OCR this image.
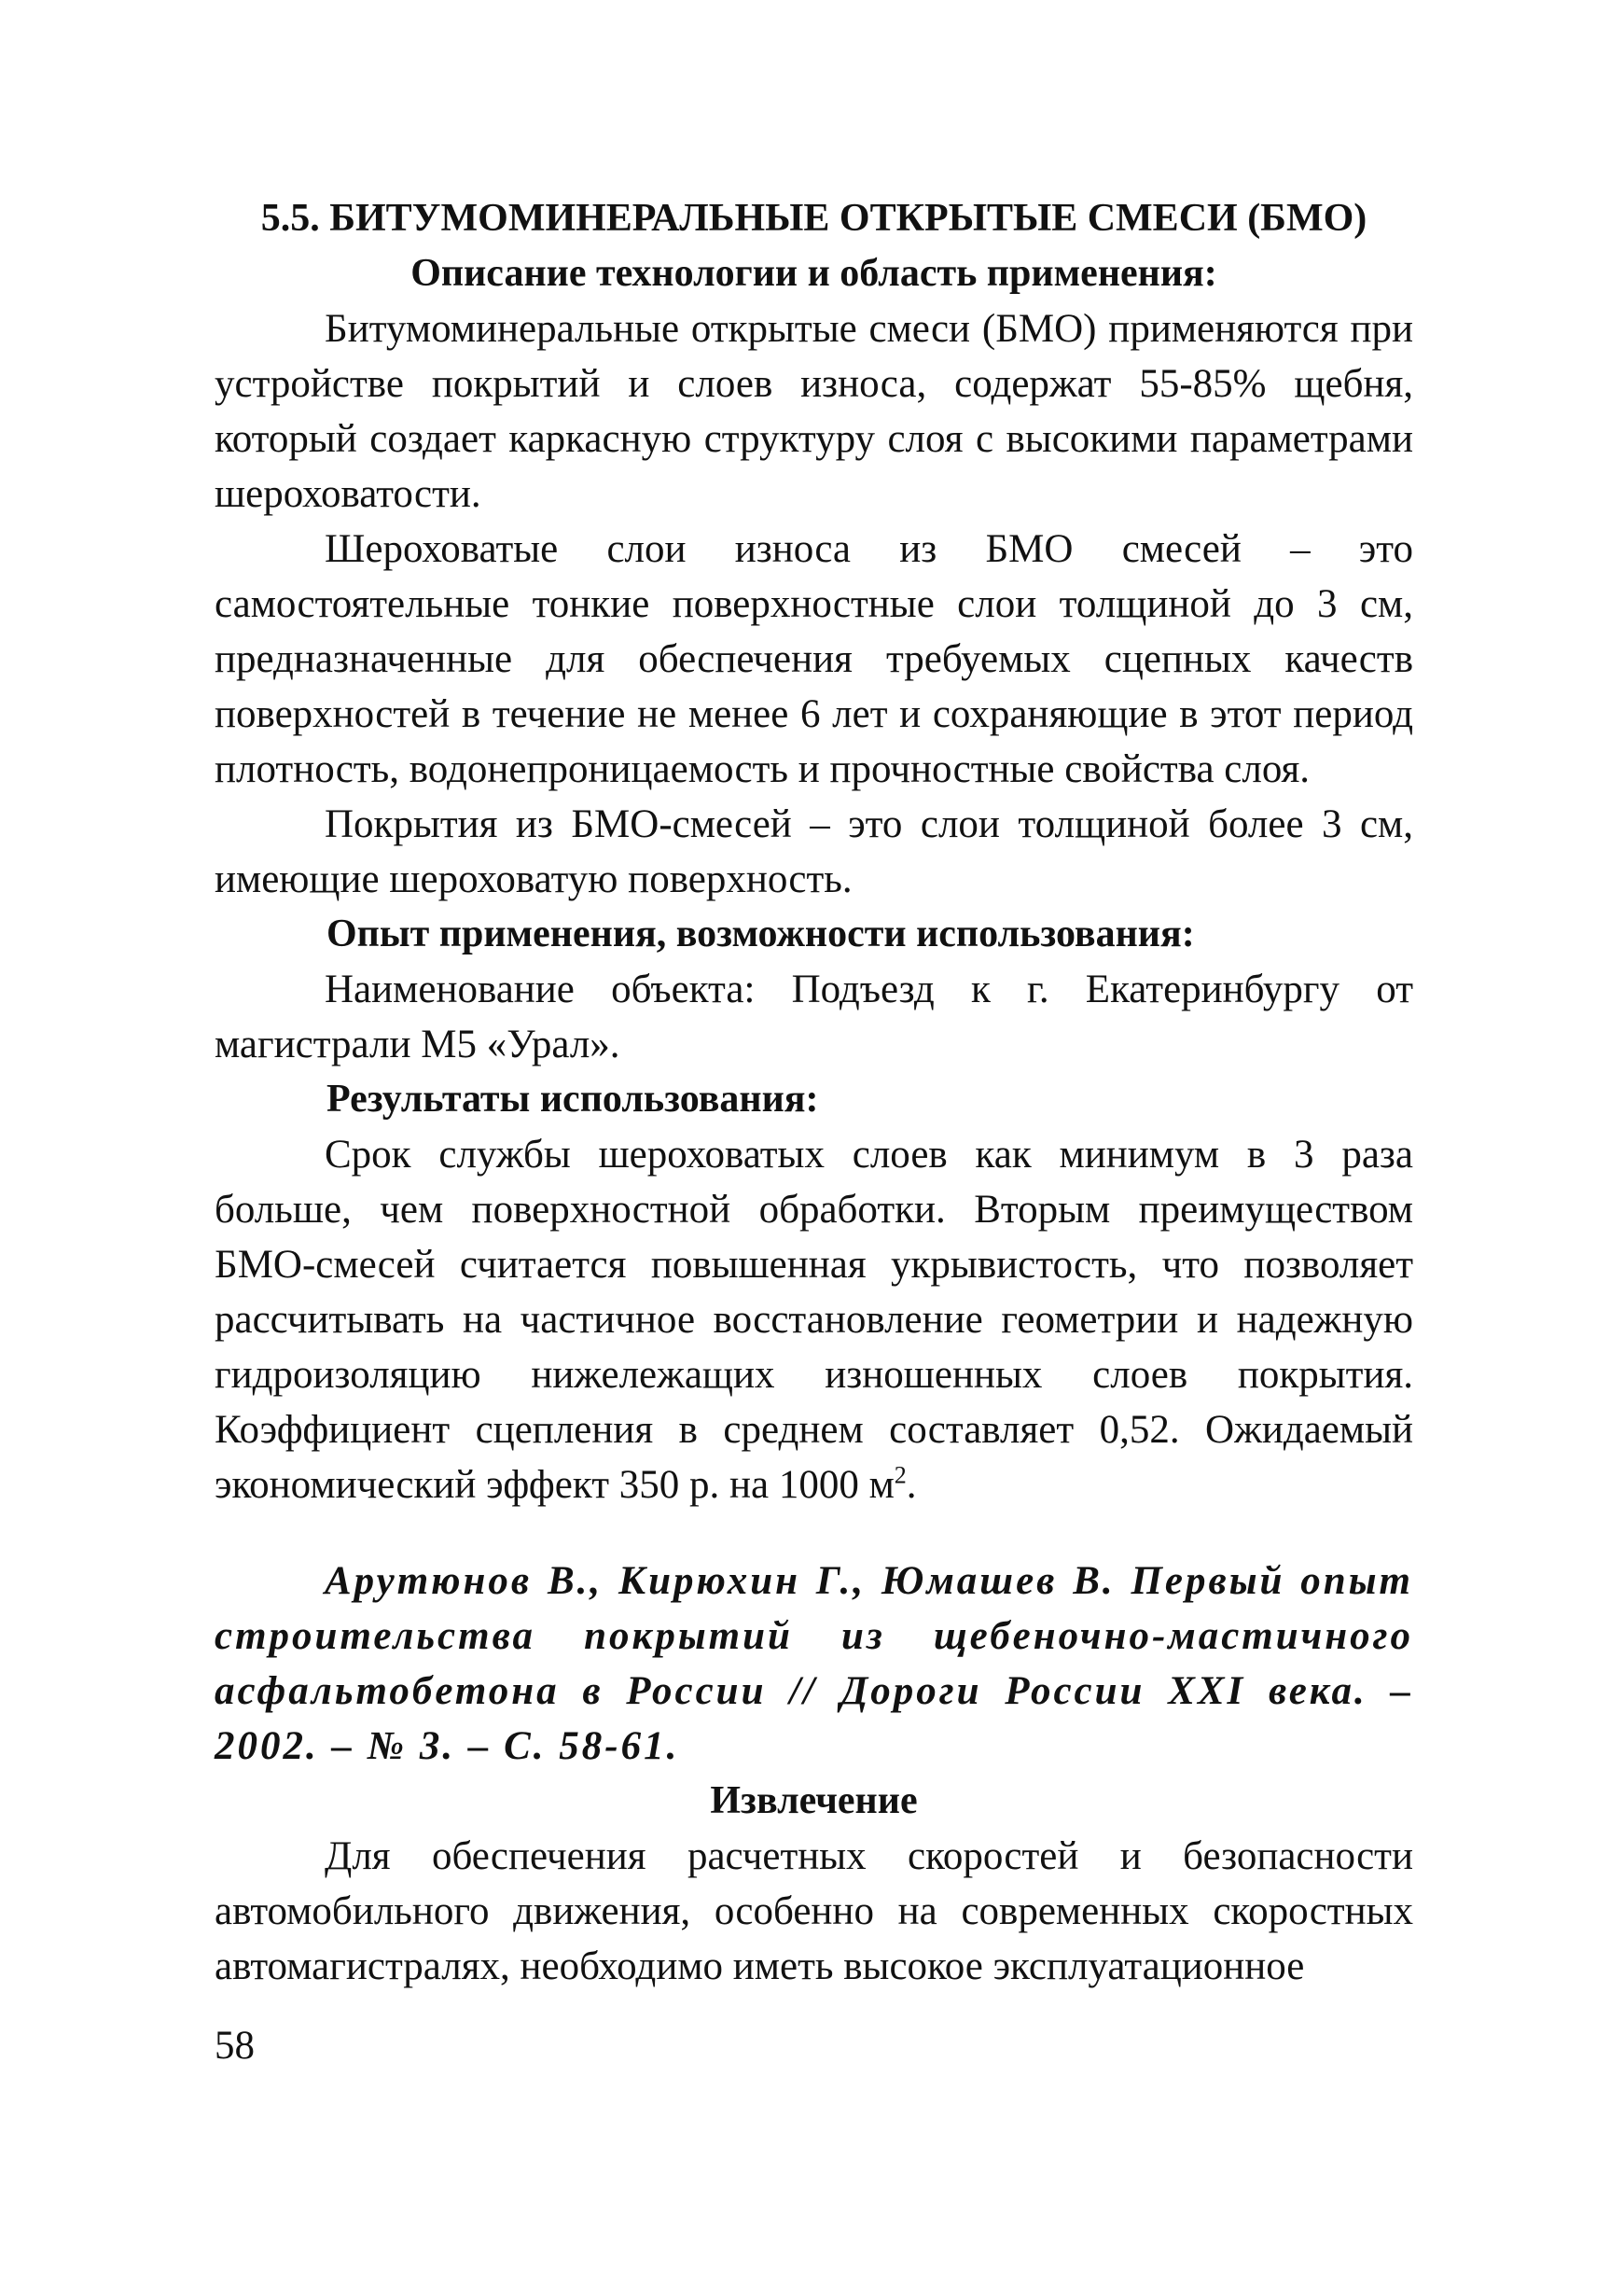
5.5. БИТУМОМИНЕРАЛЬНЫЕ ОТКРЫТЫЕ СМЕСИ (БМО)

Описание технологии и область применения:

Битумоминеральные открытые смеси (БМО) применяются при устройстве покрытий и слоев износа, содержат 55-85% щебня, который создает каркасную структуру слоя с высокими параметрами шероховатости.

Шероховатые слои износа из БМО смесей – это самостоятельные тонкие поверхностные слои толщиной до 3 см, предназначенные для обеспечения требуемых сцепных качеств поверхностей в течение не менее 6 лет и сохраняющие в этот период плотность, водонепроницаемость и прочностные свойства слоя.

Покрытия из БМО-смесей – это слои толщиной более 3 см, имеющие шероховатую поверхность.

Опыт применения, возможности использования:

Наименование объекта: Подъезд к г. Екатеринбургу от магистрали М5 «Урал».

Результаты использования:

Срок службы шероховатых слоев как минимум в 3 раза больше, чем поверхностной обработки. Вторым преимуществом БМО-смесей считается повышенная укрывистость, что позволяет рассчитывать на частичное восстановление геометрии и надежную гидроизоляцию нижележащих изношенных слоев покрытия. Коэффициент сцепления в среднем составляет 0,52. Ожидаемый экономический эффект 350 р. на 1000 $м^2$.

Арутюнов В., Кирюхин Г., Юмашев В. Первый опыт строительства покрытий из щебеночно-мастичного асфальтобетона в России // Дороги России XXI века. – 2002. – № 3. – С. 58-61.

Извлечение

Для обеспечения расчетных скоростей и безопасности автомобильного движения, особенно на современных скоростных автомагистралях, необходимо иметь высокое эксплуатационное

58
